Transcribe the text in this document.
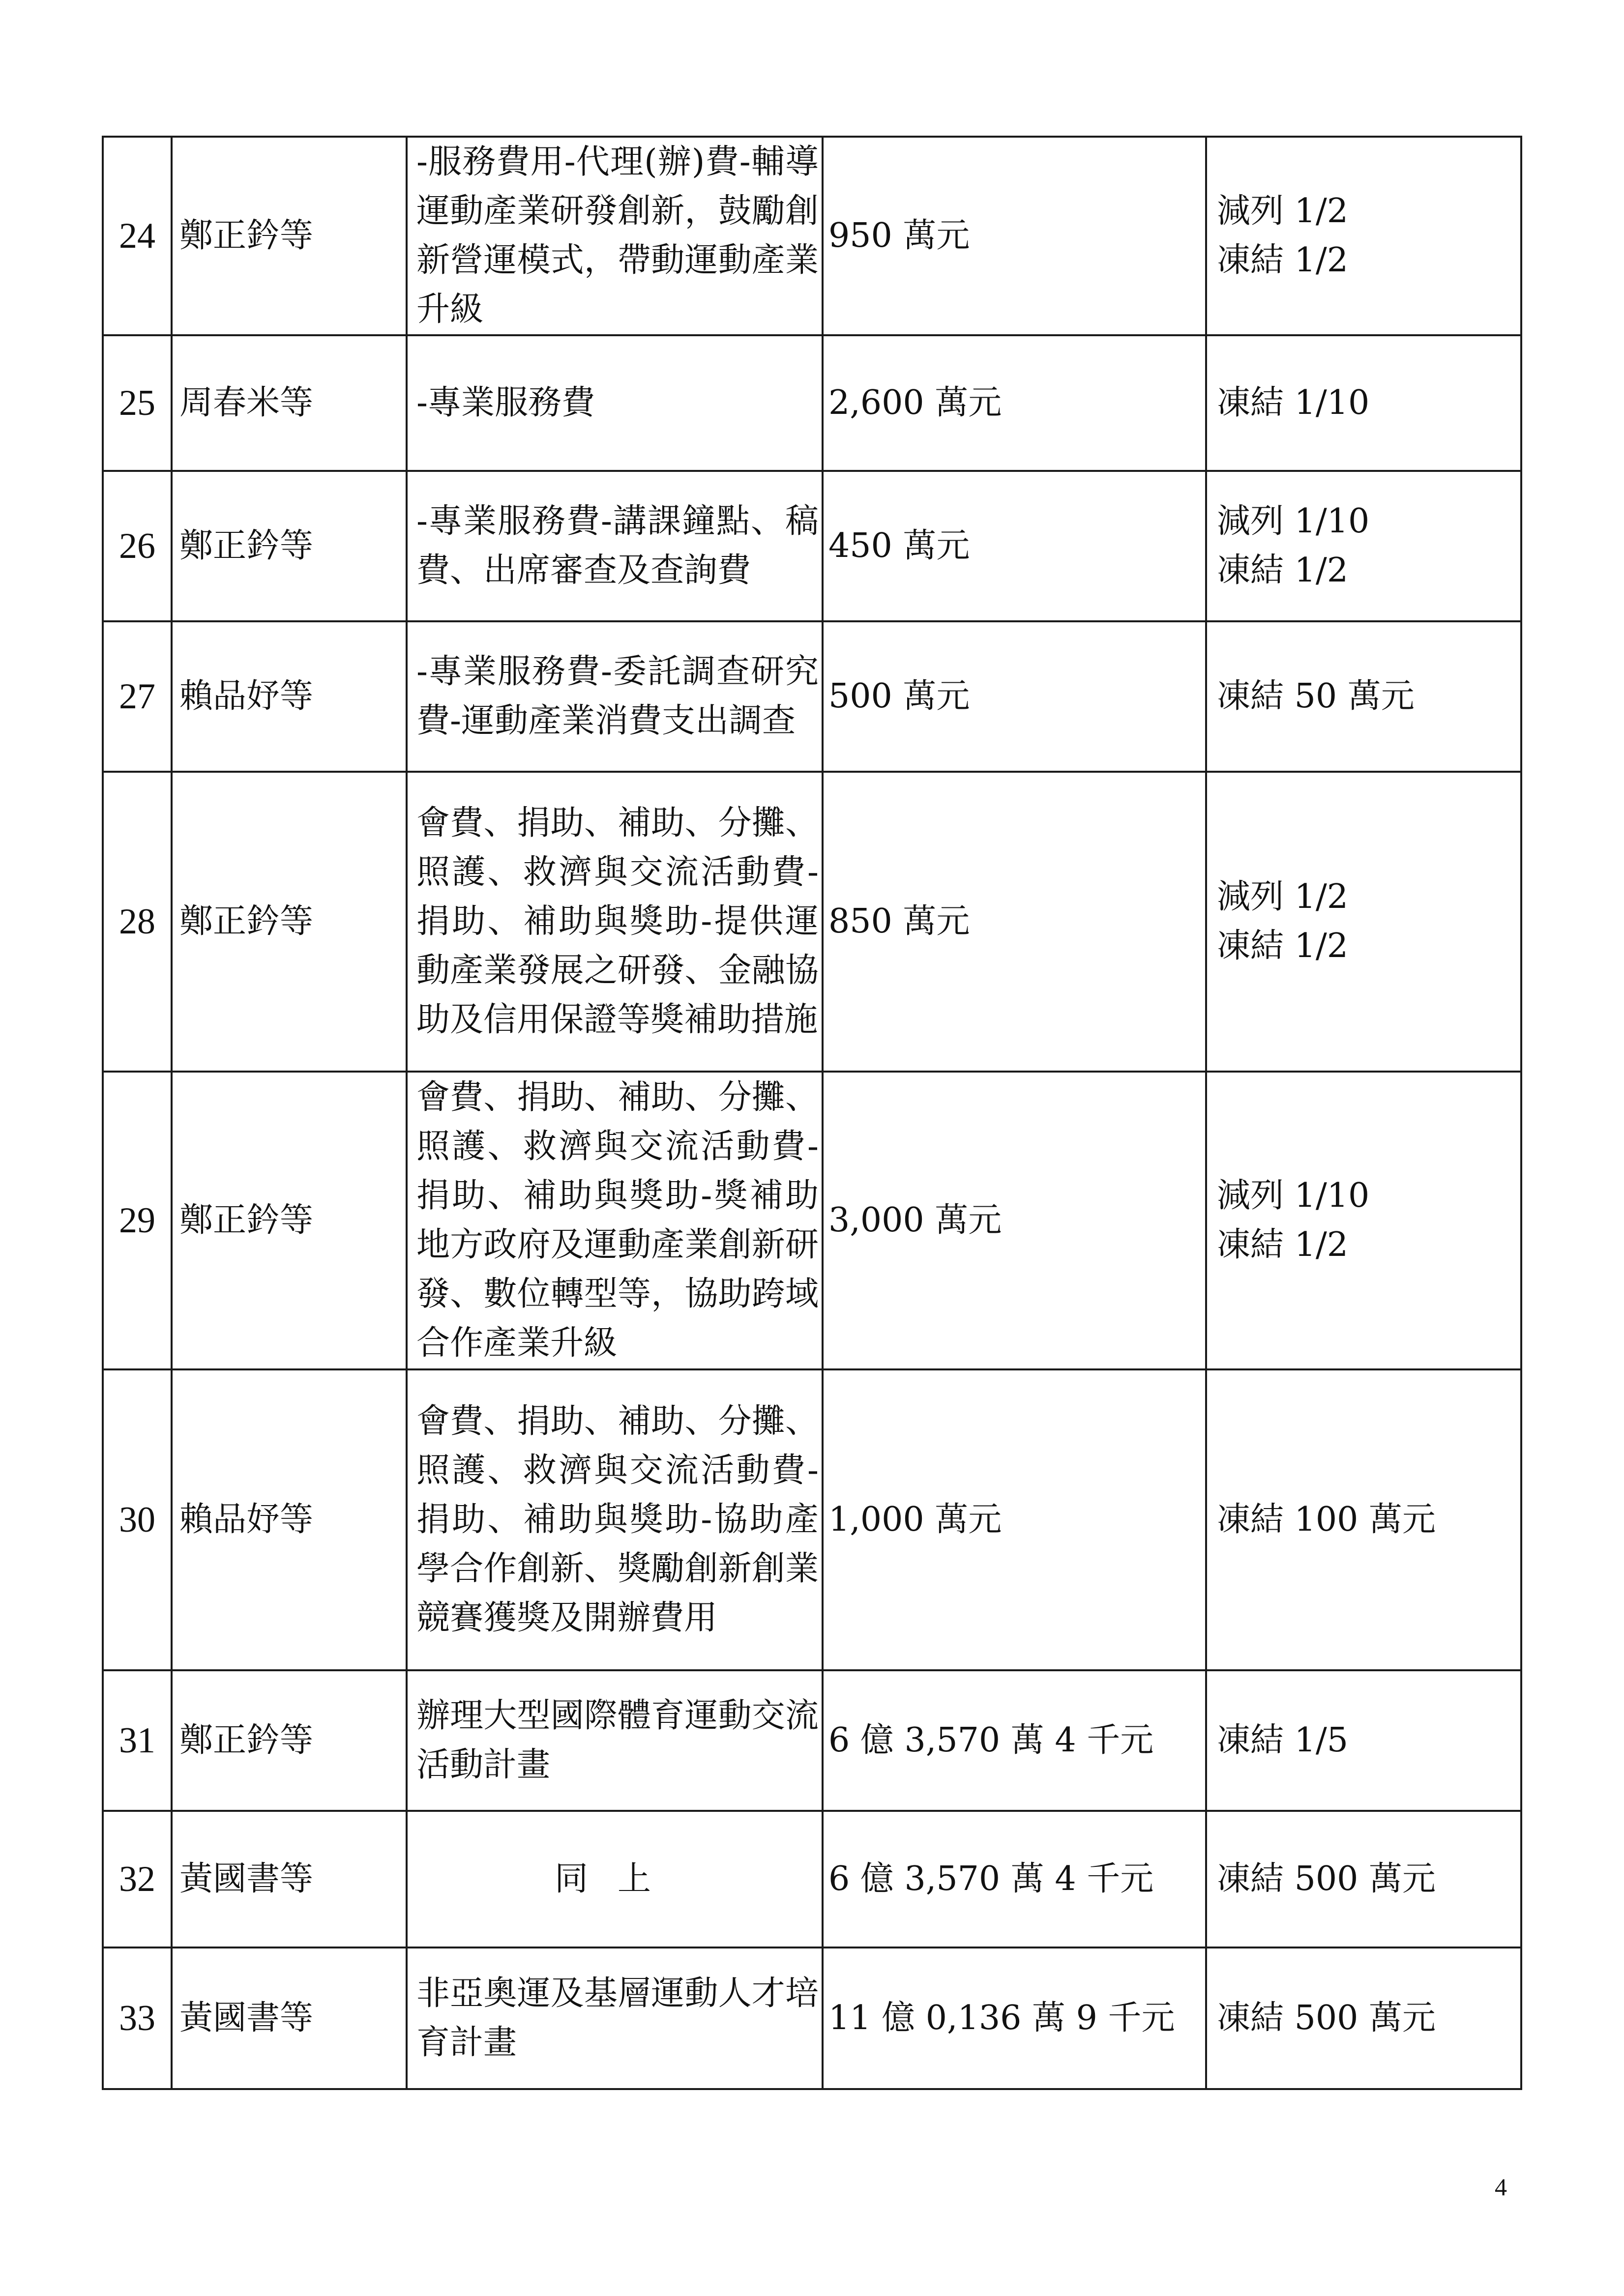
24	鄭正鈐等	-服務費用-代理(辦)費-輔導運動產業研發創新，鼓勵創新營運模式，帶動運動產業升級	950 萬元	減列 1/2
凍結 1/2

25	周春米等	-專業服務費	2,600 萬元	凍結 1/10

26	鄭正鈐等	-專業服務費-講課鐘點、稿費、出席審查及查詢費	450 萬元	減列 1/10
凍結 1/2

27	賴品妤等	-專業服務費-委託調查研究費-運動產業消費支出調查	500 萬元	凍結 50 萬元

28	鄭正鈐等	會費、捐助、補助、分攤、照護、救濟與交流活動費-捐助、補助與獎助-提供運動產業發展之研發、金融協助及信用保證等獎補助措施	850 萬元	減列 1/2
凍結 1/2

29	鄭正鈐等	會費、捐助、補助、分攤、照護、救濟與交流活動費-捐助、補助與獎助-獎補助地方政府及運動產業創新研發、數位轉型等，協助跨域合作產業升級	3,000 萬元	減列 1/10
凍結 1/2

30	賴品妤等	會費、捐助、補助、分攤、照護、救濟與交流活動費-捐助、補助與獎助-協助產學合作創新、獎勵創新創業競賽獲獎及開辦費用	1,000 萬元	凍結 100 萬元

31	鄭正鈐等	辦理大型國際體育運動交流活動計畫	6 億 3,570 萬 4 千元	凍結 1/5

32	黃國書等	同上	6 億 3,570 萬 4 千元	凍結 500 萬元

33	黃國書等	非亞奧運及基層運動人才培育計畫	11 億 0,136 萬 9 千元	凍結 500 萬元
4
